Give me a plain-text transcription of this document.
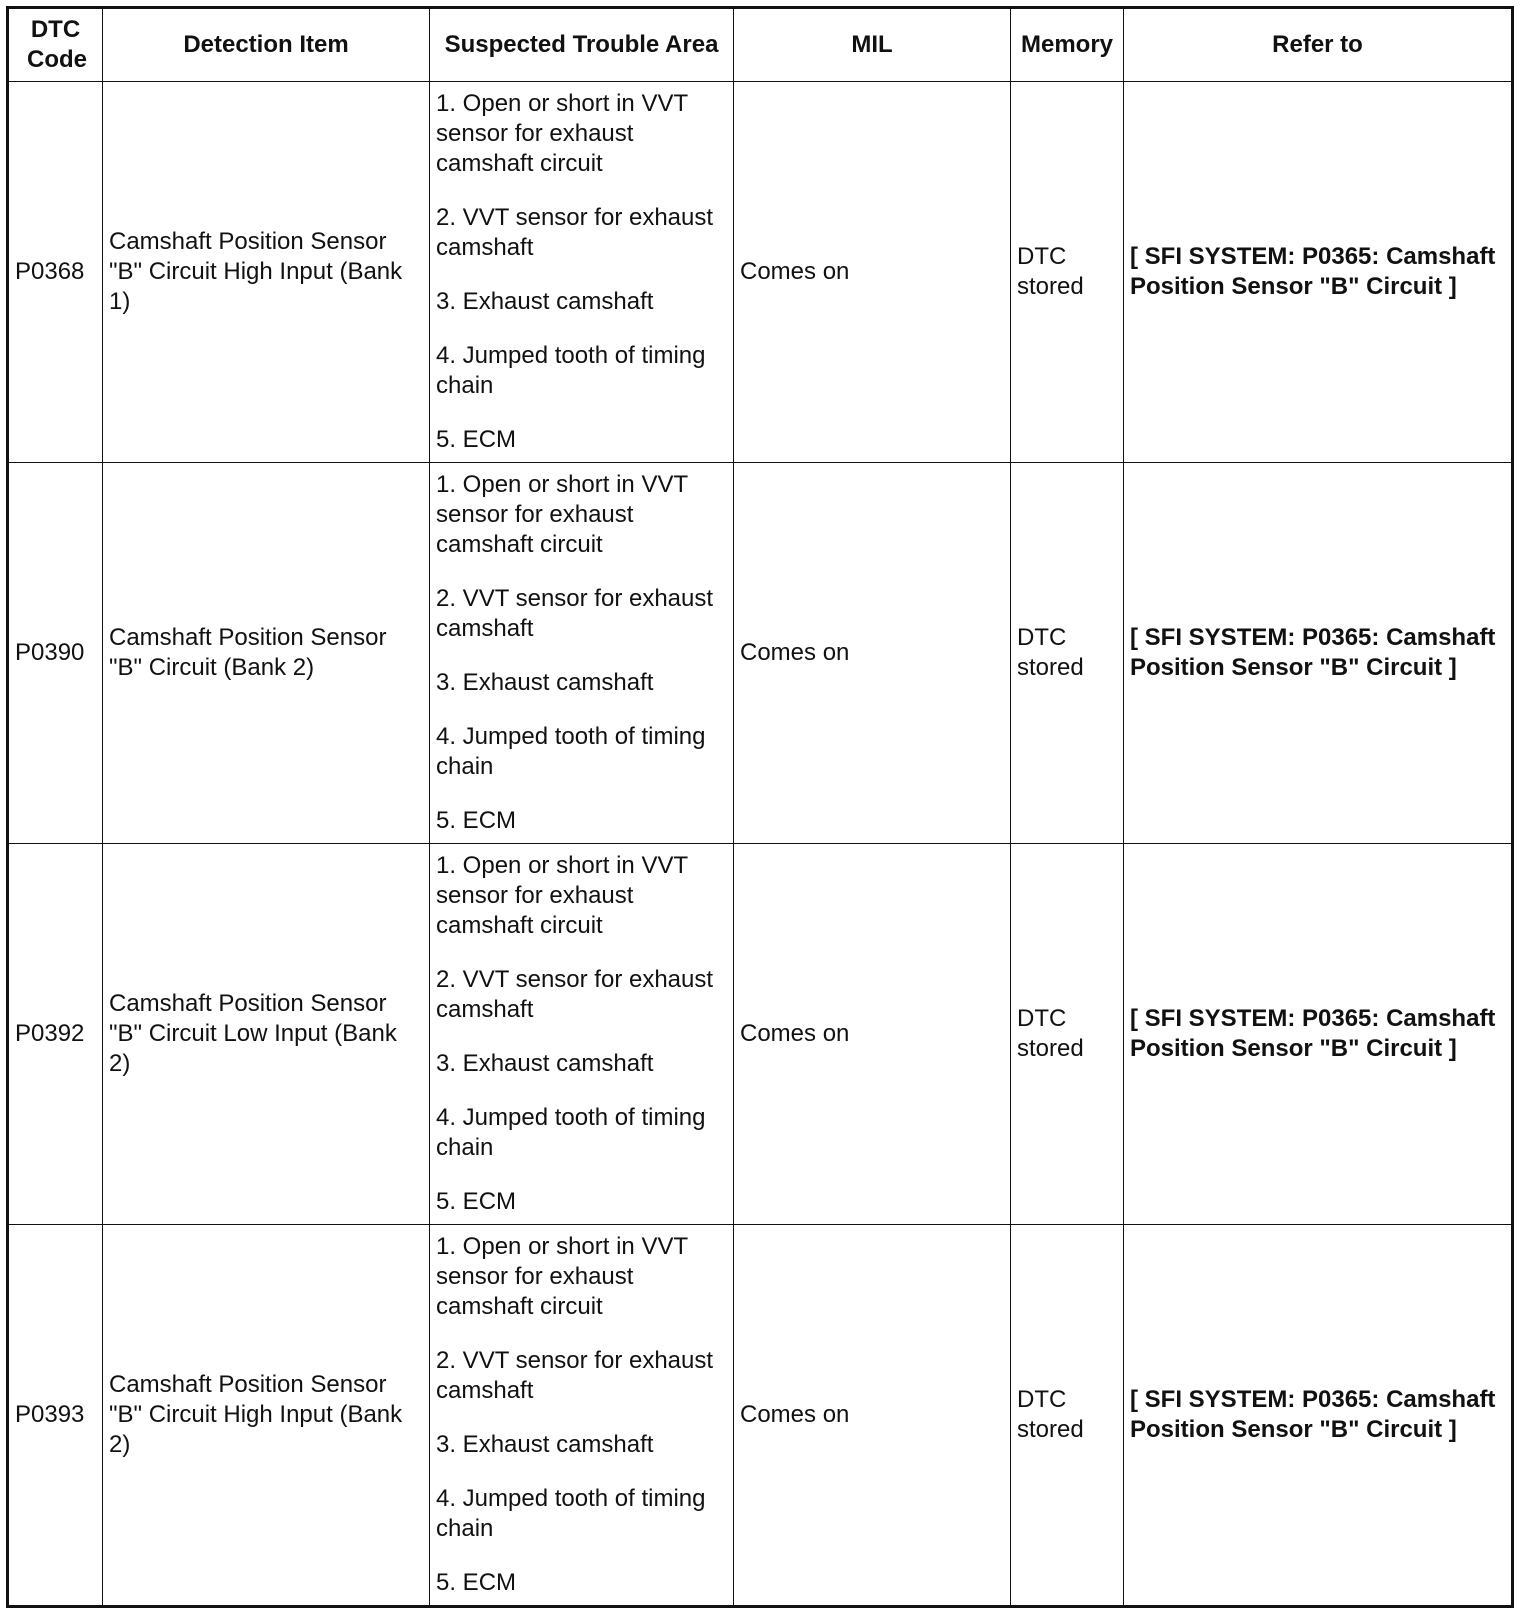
DTC Code	Detection Item	Suspected Trouble Area	MIL	Memory	Refer to
P0368	Camshaft Position Sensor "B" Circuit High Input (Bank 1)	1. Open or short in VVT sensor for exhaust camshaft circuit
2. VVT sensor for exhaust camshaft
3. Exhaust camshaft
4. Jumped tooth of timing chain
5. ECM	Comes on	DTC stored	[ SFI SYSTEM: P0365: Camshaft Position Sensor "B" Circuit ]
P0390	Camshaft Position Sensor "B" Circuit (Bank 2)	1. Open or short in VVT sensor for exhaust camshaft circuit
2. VVT sensor for exhaust camshaft
3. Exhaust camshaft
4. Jumped tooth of timing chain
5. ECM	Comes on	DTC stored	[ SFI SYSTEM: P0365: Camshaft Position Sensor "B" Circuit ]
P0392	Camshaft Position Sensor "B" Circuit Low Input (Bank 2)	1. Open or short in VVT sensor for exhaust camshaft circuit
2. VVT sensor for exhaust camshaft
3. Exhaust camshaft
4. Jumped tooth of timing chain
5. ECM	Comes on	DTC stored	[ SFI SYSTEM: P0365: Camshaft Position Sensor "B" Circuit ]
P0393	Camshaft Position Sensor "B" Circuit High Input (Bank 2)	1. Open or short in VVT sensor for exhaust camshaft circuit
2. VVT sensor for exhaust camshaft
3. Exhaust camshaft
4. Jumped tooth of timing chain
5. ECM	Comes on	DTC stored	[ SFI SYSTEM: P0365: Camshaft Position Sensor "B" Circuit ]
